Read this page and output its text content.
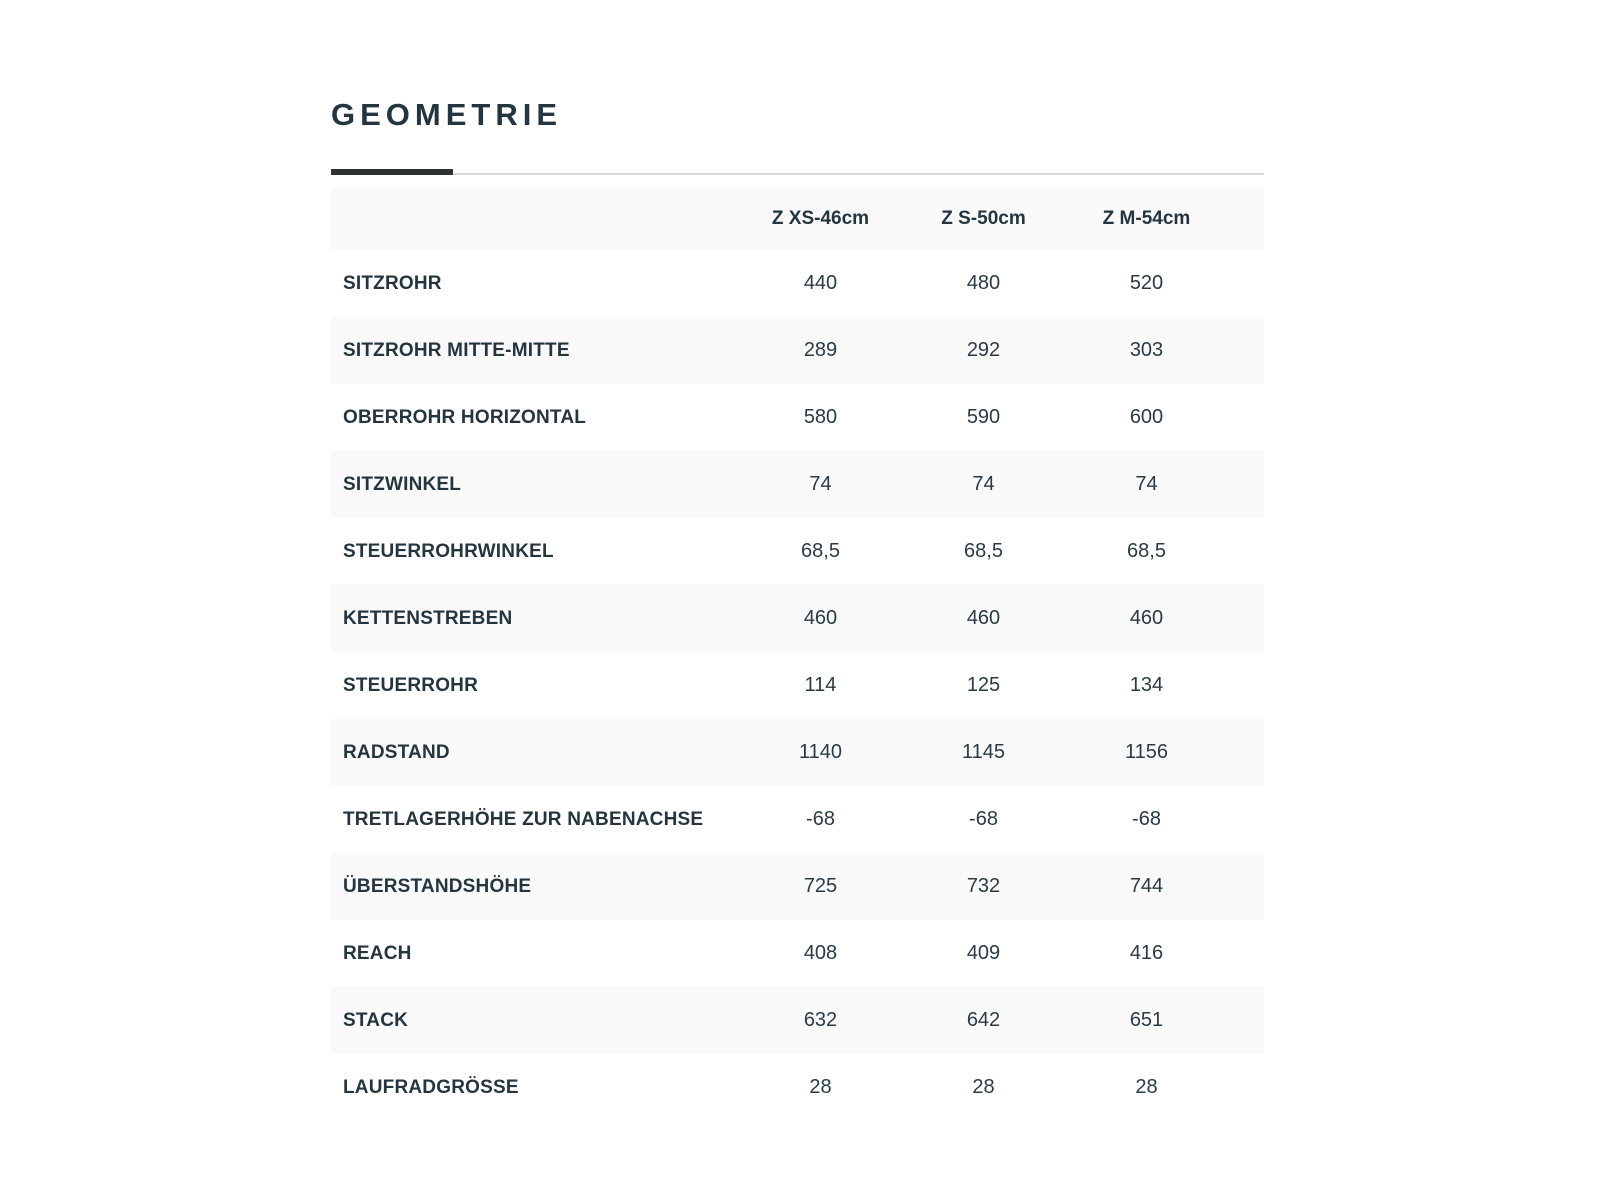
GEOMETRIE
	Z XS-46cm	Z S-50cm	Z M-54cm	
SITZROHR	440	480	520	
SITZROHR MITTE-MITTE	289	292	303	
OBERROHR HORIZONTAL	580	590	600	
SITZWINKEL	74	74	74	
STEUERROHRWINKEL	68,5	68,5	68,5	
KETTENSTREBEN	460	460	460	
STEUERROHR	114	125	134	
RADSTAND	1140	1145	1156	
TRETLAGERHÖHE ZUR NABENACHSE	-68	-68	-68	
ÜBERSTANDSHÖHE	725	732	744	
REACH	408	409	416	
STACK	632	642	651	
LAUFRADGRÖSSE	28	28	28	
